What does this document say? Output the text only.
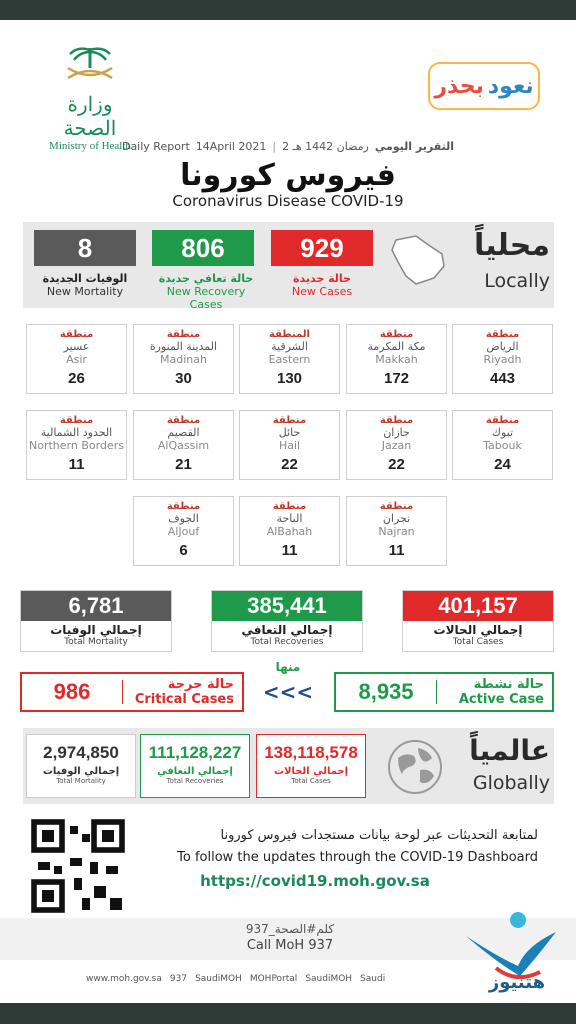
وزارة الصحة
Ministry of Health
بحذر نعود
Daily Report 14April 2021 | 2 رمضان 1442 هـ التقرير اليومي
فيروس كورونا
Coronavirus Disease COVID-19
8
الوفيات الجديدة
New Mortality
806
حالة تعافي جديدة
New Recovery Cases
929
حالة جديدة
New Cases
محلياً
Locally
منطقة
الرياض
Riyadh
443
منطقة
مكة المكرمة
Makkah
172
المنطقة
الشرقية
Eastern
130
منطقة
المدينة المنورة
Madinah
30
منطقة
عسير
Asir
26
منطقة
تبوك
Tabouk
24
منطقة
جازان
Jazan
22
منطقة
حائل
Hail
22
منطقة
القصيم
AlQassim
21
منطقة
الحدود الشمالية
Northern Borders
11
منطقة
نجران
Najran
11
منطقة
الباحة
AlBahah
11
منطقة
الجوف
AlJouf
6
401,157
إجمالي الحالات
Total Cases
385,441
إجمالي التعافي
Total Recoveries
6,781
إجمالي الوفيات
Total Mortality
منها
8,935	حالة نشطة
Active Case
<<<
986	حالة حرجة
Critical Cases
138,118,578
إجمالي الحالات
Total Cases
111,128,227
إجمالي التعافي
Total Recoveries
2,974,850
إجمالي الوفيات
Total Mortality
عالمياً
Globally
لمتابعة التحديثات عبر لوحة بيانات مستجدات فيروس كورونا
To follow the updates through the COVID-19 Dashboard
https://covid19.moh.gov.sa
كلم#الصحة_937
Call MoH 937
www.moh.gov.sa 937 SaudiMOH MOHPortal SaudiMOH Saudi	هتنيوز
